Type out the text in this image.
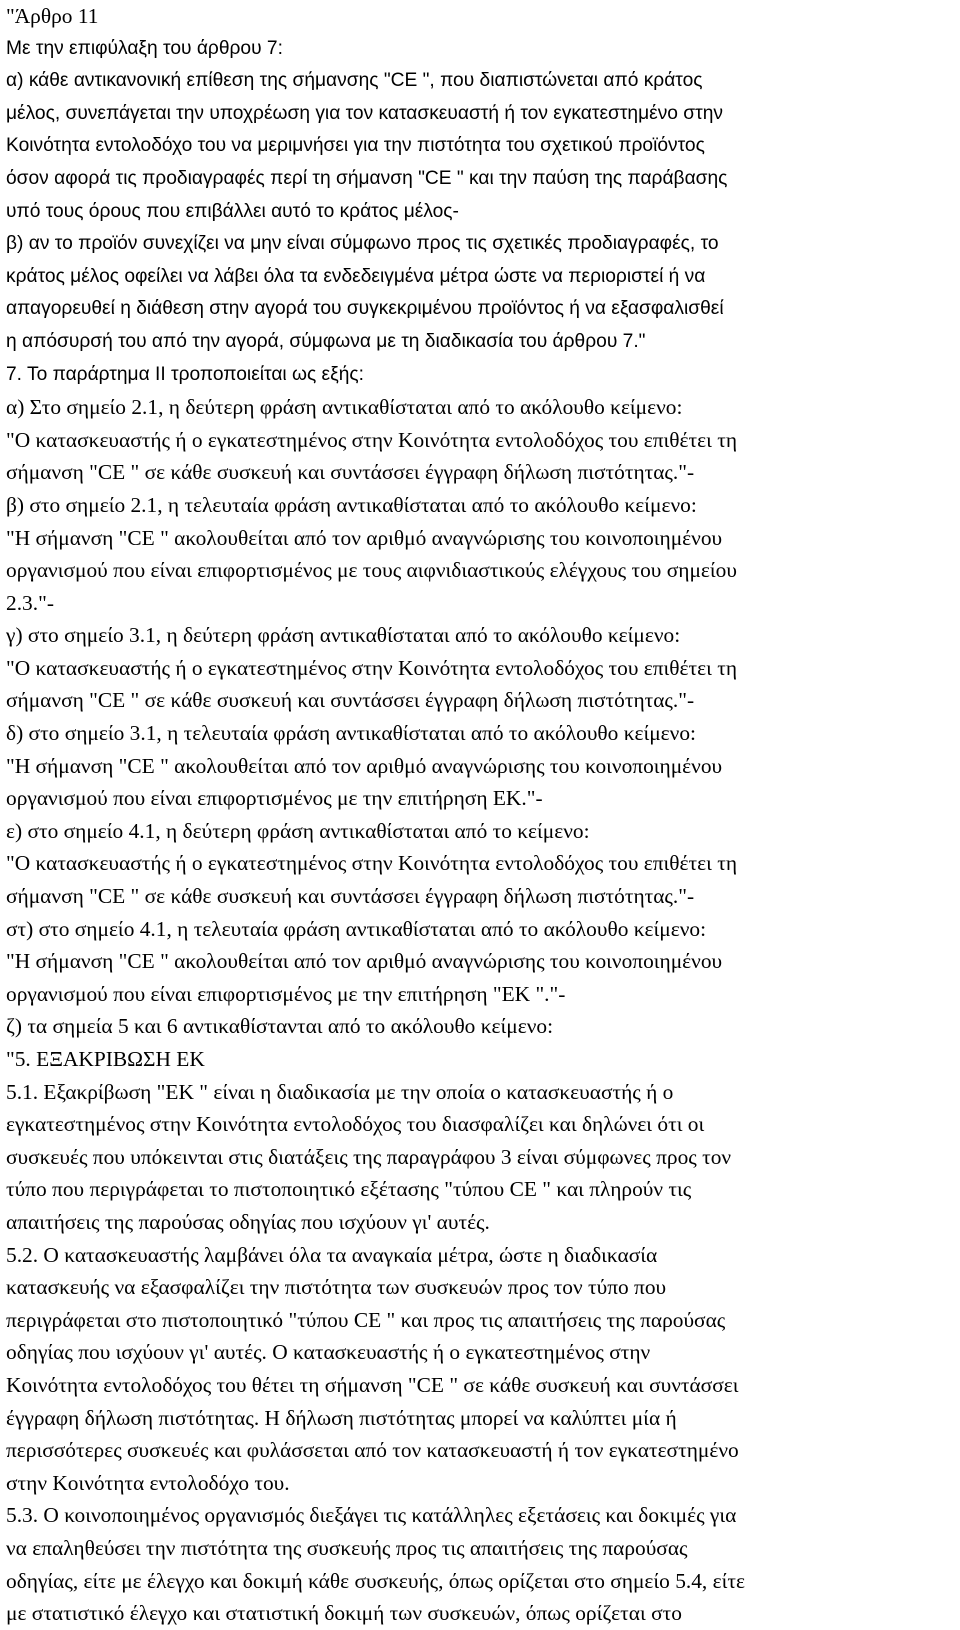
"Άρθρο 11
Με την επιφύλαξη του άρθρου 7:
α) κάθε αντικανονική επίθεση της σήμανσης "CE ", που διαπιστώνεται από κράτος
μέλος, συνεπάγεται την υποχρέωση για τον κατασκευαστή ή τον εγκατεστημένο στην
Κοινότητα εντολοδόχο του να μεριμνήσει για την πιστότητα του σχετικού προϊόντος
όσον αφορά τις προδιαγραφές περί τη σήμανση "CE " και την παύση της παράβασης
υπό τους όρους που επιβάλλει αυτό το κράτος μέλος-
β) αν το προϊόν συνεχίζει να μην είναι σύμφωνο προς τις σχετικές προδιαγραφές, το
κράτος μέλος οφείλει να λάβει όλα τα ενδεδειγμένα μέτρα ώστε να περιοριστεί ή να
απαγορευθεί η διάθεση στην αγορά του συγκεκριμένου προϊόντος ή να εξασφαλισθεί
η απόσυρσή του από την αγορά, σύμφωνα με τη διαδικασία του άρθρου 7."
7. Το παράρτημα ΙΙ τροποποιείται ως εξής:
α) Στο σημείο 2.1, η δεύτερη φράση αντικαθίσταται από το ακόλουθο κείμενο:
"Ο κατασκευαστής ή ο εγκατεστημένος στην Κοινότητα εντολοδόχος του επιθέτει τη
σήμανση "CE " σε κάθε συσκευή και συντάσσει έγγραφη δήλωση πιστότητας."-
β) στο σημείο 2.1, η τελευταία φράση αντικαθίσταται από το ακόλουθο κείμενο:
"Η σήμανση "CE " ακολουθείται από τον αριθμό αναγνώρισης του κοινοποιημένου
οργανισμού που είναι επιφορτισμένος με τους αιφνιδιαστικούς ελέγχους του σημείου
2.3."-
γ) στο σημείο 3.1, η δεύτερη φράση αντικαθίσταται από το ακόλουθο κείμενο:
"Ο κατασκευαστής ή ο εγκατεστημένος στην Κοινότητα εντολοδόχος του επιθέτει τη
σήμανση "CE " σε κάθε συσκευή και συντάσσει έγγραφη δήλωση πιστότητας."-
δ) στο σημείο 3.1, η τελευταία φράση αντικαθίσταται από το ακόλουθο κείμενο:
"Η σήμανση "CE " ακολουθείται από τον αριθμό αναγνώρισης του κοινοποιημένου
οργανισμού που είναι επιφορτισμένος με την επιτήρηση ΕΚ."-
ε) στο σημείο 4.1, η δεύτερη φράση αντικαθίσταται από το κείμενο:
"Ο κατασκευαστής ή ο εγκατεστημένος στην Κοινότητα εντολοδόχος του επιθέτει τη
σήμανση "CE " σε κάθε συσκευή και συντάσσει έγγραφη δήλωση πιστότητας."-
στ) στο σημείο 4.1, η τελευταία φράση αντικαθίσταται από το ακόλουθο κείμενο:
"Η σήμανση "CE " ακολουθείται από τον αριθμό αναγνώρισης του κοινοποιημένου
οργανισμού που είναι επιφορτισμένος με την επιτήρηση "ΕΚ "."-
ζ) τα σημεία 5 και 6 αντικαθίστανται από το ακόλουθο κείμενο:
"5. ΕΞΑΚΡΙΒΩΣΗ ΕΚ
5.1. Εξακρίβωση "ΕΚ " είναι η διαδικασία με την οποία ο κατασκευαστής ή ο
εγκατεστημένος στην Κοινότητα εντολοδόχος του διασφαλίζει και δηλώνει ότι οι
συσκευές που υπόκεινται στις διατάξεις της παραγράφου 3 είναι σύμφωνες προς τον
τύπο που περιγράφεται το πιστοποιητικό εξέτασης "τύπου CE " και πληρούν τις
απαιτήσεις της παρούσας οδηγίας που ισχύουν γι' αυτές.
5.2. Ο κατασκευαστής λαμβάνει όλα τα αναγκαία μέτρα, ώστε η διαδικασία
κατασκευής να εξασφαλίζει την πιστότητα των συσκευών προς τον τύπο που
περιγράφεται στο πιστοποιητικό "τύπου CE " και προς τις απαιτήσεις της παρούσας
οδηγίας που ισχύουν γι' αυτές. Ο κατασκευαστής ή ο εγκατεστημένος στην
Κοινότητα εντολοδόχος του θέτει τη σήμανση "CE " σε κάθε συσκευή και συντάσσει
έγγραφη δήλωση πιστότητας. Η δήλωση πιστότητας μπορεί να καλύπτει μία ή
περισσότερες συσκευές και φυλάσσεται από τον κατασκευαστή ή τον εγκατεστημένο
στην Κοινότητα εντολοδόχο του.
5.3. Ο κοινοποιημένος οργανισμός διεξάγει τις κατάλληλες εξετάσεις και δοκιμές για
να επαληθεύσει την πιστότητα της συσκευής προς τις απαιτήσεις της παρούσας
οδηγίας, είτε με έλεγχο και δοκιμή κάθε συσκευής, όπως ορίζεται στο σημείο 5.4, είτε
με στατιστικό έλεγχο και στατιστική δοκιμή των συσκευών, όπως ορίζεται στο
